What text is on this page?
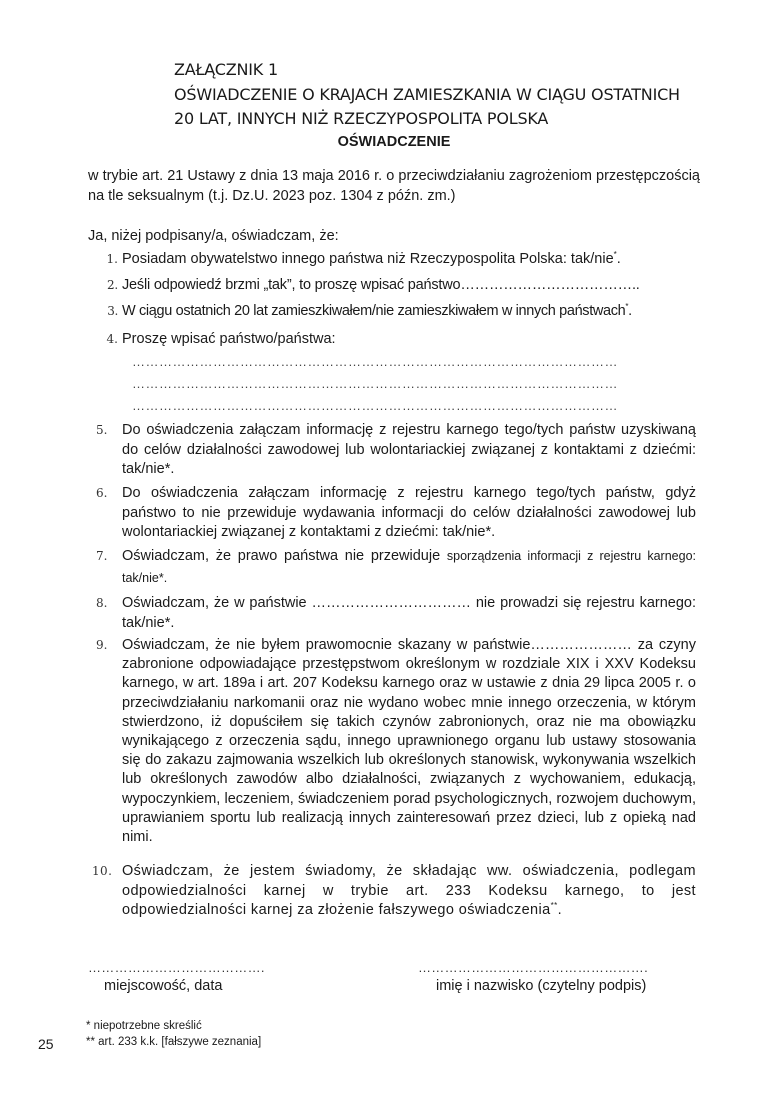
ZAŁĄCZNIK 1
OŚWIADCZENIE O KRAJACH ZAMIESZKANIA W CIĄGU OSTATNICH
20 LAT, INNYCH NIŻ RZECZYPOSPOLITA POLSKA
OŚWIADCZENIE
w trybie art. 21 Ustawy z dnia 13 maja 2016 r. o przeciwdziałaniu zagrożeniom przestępczością na tle seksualnym (t.j. Dz.U. 2023 poz. 1304 z późn. zm.)
Ja, niżej podpisany/a, oświadczam, że:
1. Posiadam obywatelstwo innego państwa niż Rzeczypospolita Polska: tak/nie*.
2. Jeśli odpowiedź brzmi „tak”, to proszę wpisać państwo………………………………..
3. W ciągu ostatnich 20 lat zamieszkiwałem/nie zamieszkiwałem w innych państwach*.
4. Proszę wpisać państwo/państwa:
………………………………………………………………………………………………
………………………………………………………………………………………………
………………………………………………………………………………………………
5.	Do oświadczenia załączam informację z rejestru karnego tego/tych państw uzyskiwaną do celów działalności zawodowej lub wolontariackiej związanej z kontaktami z dziećmi: tak/nie*.
6.	Do oświadczenia załączam informację z rejestru karnego tego/tych państw, gdyż państwo to nie przewiduje wydawania informacji do celów działalności zawodowej lub wolontariackiej związanej z kontaktami z dziećmi: tak/nie*.
7.	Oświadczam, że prawo państwa nie przewiduje sporządzenia informacji z rejestru karnego: tak/nie*.
8.	Oświadczam, że w państwie …………………………… nie prowadzi się rejestru karnego: tak/nie*.
9.	Oświadczam, że nie byłem prawomocnie skazany w państwie………………… za czyny zabronione odpowiadające przestępstwom określonym w rozdziale XIX i XXV Kodeksu karnego, w art. 189a i art. 207 Kodeksu karnego oraz w ustawie z dnia 29 lipca 2005 r. o przeciwdziałaniu narkomanii oraz nie wydano wobec mnie innego orzeczenia, w którym stwierdzono, iż dopuściłem się takich czynów zabronionych, oraz nie ma obowiązku wynikającego z orzeczenia sądu, innego uprawnionego organu lub ustawy stosowania się do zakazu zajmowania wszelkich lub określonych stanowisk, wykonywania wszelkich lub określonych zawodów albo działalności, związanych z wychowaniem, edukacją, wypoczynkiem, leczeniem, świadczeniem porad psychologicznych, rozwojem duchowym, uprawianiem sportu lub realizacją innych zainteresowań przez dzieci, lub z opieką nad nimi.
10. Oświadczam, że jestem świadomy, że składając ww. oświadczenia, podlegam odpowiedzialności karnej w trybie art. 233 Kodeksu karnego, to jest odpowiedzialności karnej za złożenie fałszywego oświadczenia**.
………………………………….
miejscowość, data
…………………………………………….
imię i nazwisko (czytelny podpis)
* niepotrzebne skreślić
** art. 233 k.k. [fałszywe zeznania]
25
